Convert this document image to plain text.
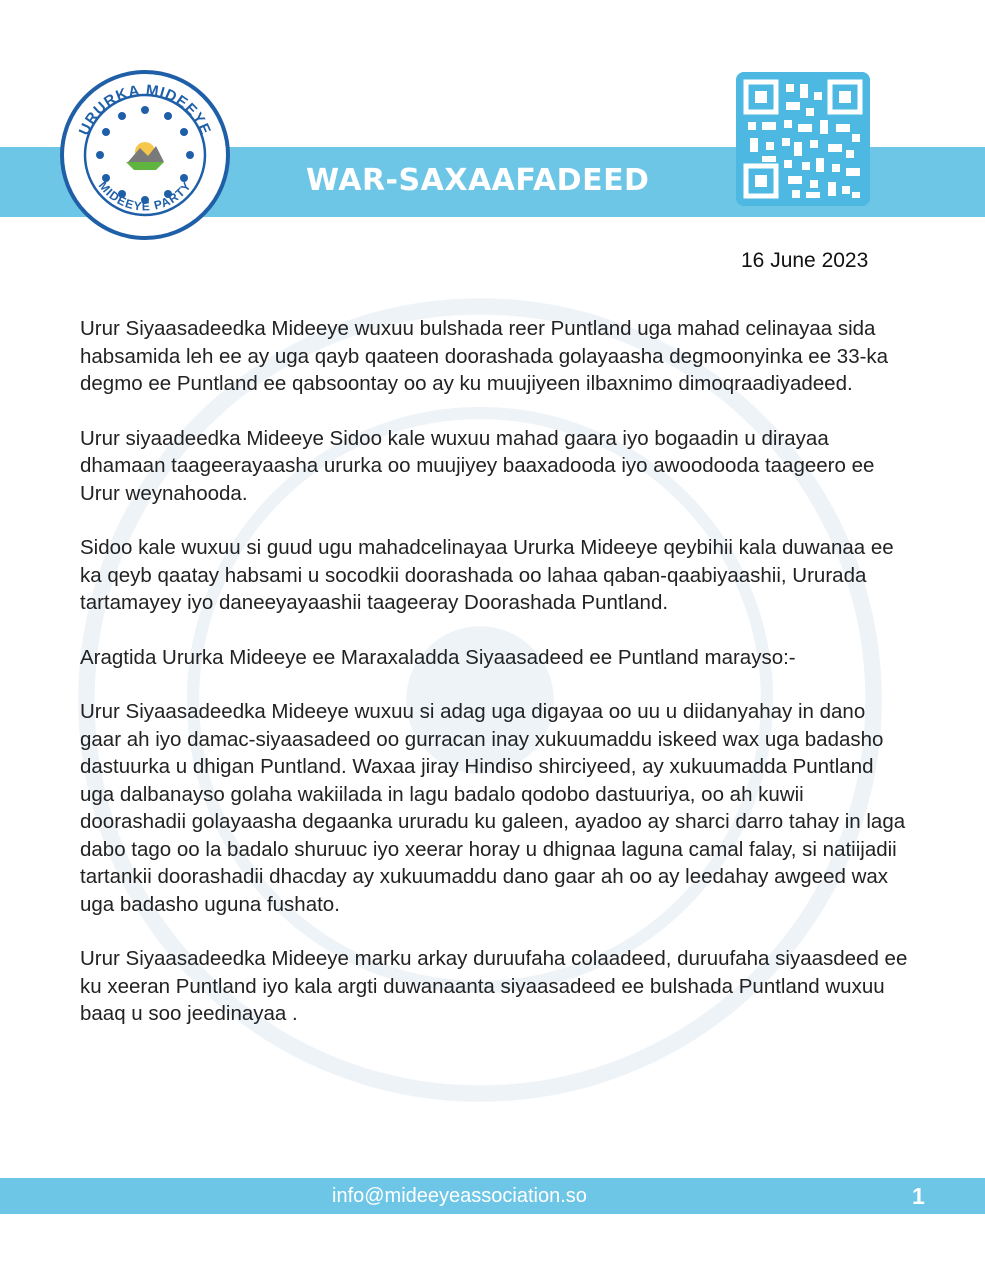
URURKA MIDEEYE
MIDEEYE PARTY	WAR-SAXAAFADEED
16 June 2023

Urur Siyaasadeedka Mideeye wuxuu bulshada reer Puntland uga mahad celinayaa sida habsamida leh ee ay uga qayb qaateen doorashada golayaasha degmoonyinka ee 33-ka degmo ee Puntland ee qabsoontay oo ay ku muujiyeen ilbaxnimo dimoqraadiyadeed.

Urur siyaadeedka Mideeye Sidoo kale wuxuu mahad gaara iyo bogaadin u dirayaa dhamaan taageerayaasha ururka oo muujiyey baaxadooda iyo awoodooda taageero ee Urur weynahooda.

Sidoo kale wuxuu si guud ugu mahadcelinayaa Ururka Mideeye qeybihii kala duwanaa ee ka qeyb qaatay habsami u socodkii doorashada oo lahaa qaban-qaabiyaashii, Ururada tartamayey iyo daneeyayaashii taageeray Doorashada Puntland.

Aragtida Ururka Mideeye ee Maraxaladda Siyaasadeed ee Puntland marayso:-

Urur Siyaasadeedka Mideeye wuxuu si adag uga digayaa oo uu u diidanyahay in dano gaar ah iyo damac-siyaasadeed oo gurracan inay xukuumaddu iskeed wax uga badasho dastuurka u dhigan Puntland. Waxaa jiray Hindiso shirciyeed, ay xukuumadda Puntland uga dalbanayso golaha wakiilada in lagu badalo qodobo dastuuriya, oo ah kuwii doorashadii golayaasha degaanka ururadu ku galeen, ayadoo ay sharci darro tahay in laga dabo tago oo la badalo shuruuc iyo xeerar horay u dhignaa laguna camal falay, si natiijadii tartankii doorashadii dhacday ay xukuumaddu dano gaar ah oo ay leedahay awgeed wax uga badasho uguna fushato.

Urur Siyaasadeedka Mideeye marku arkay duruufaha colaadeed, duruufaha siyaasdeed ee ku xeeran Puntland iyo kala argti duwanaanta siyaasadeed ee bulshada Puntland wuxuu baaq u soo jeedinayaa .

info@mideeyeassociation.so	1
